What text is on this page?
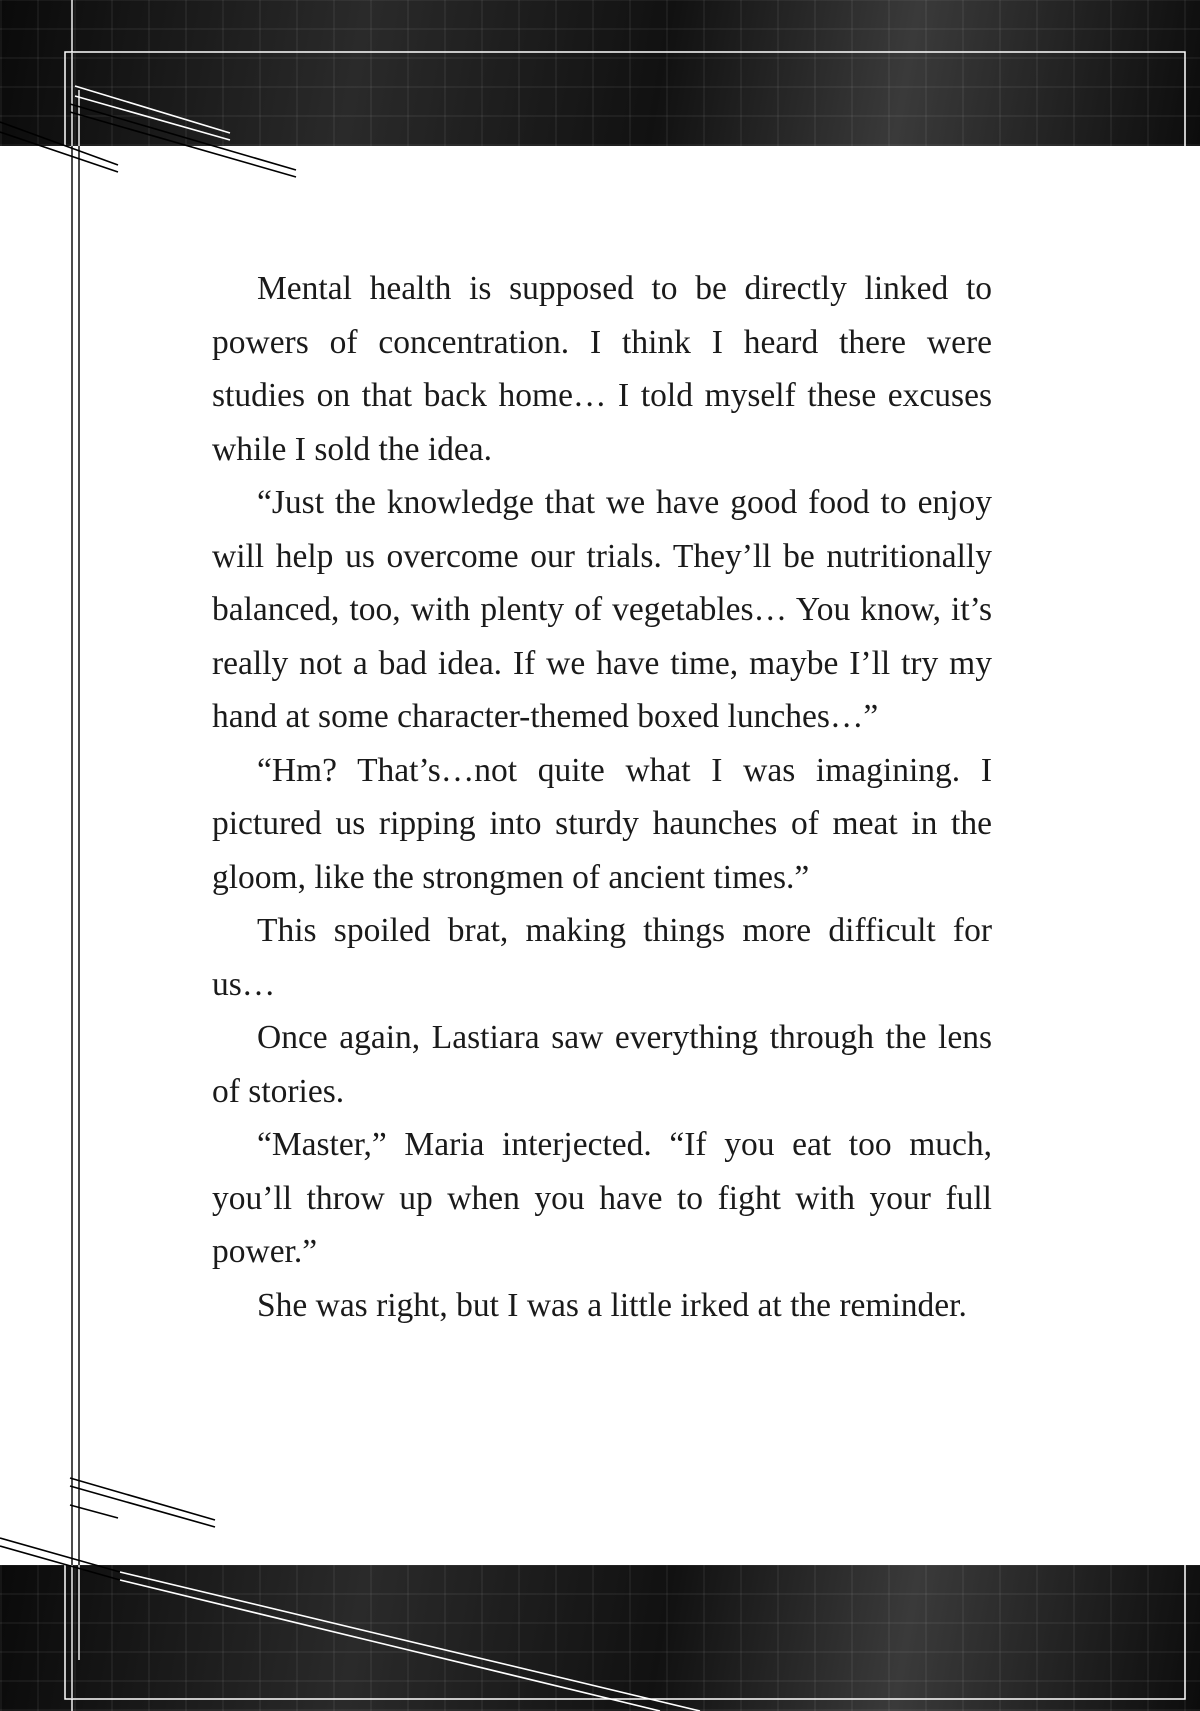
Mental health is supposed to be directly linked to powers of concentration. I think I heard there were studies on that back home… I told myself these excuses while I sold the idea.

“Just the knowledge that we have good food to enjoy will help us overcome our trials. They’ll be nutritionally balanced, too, with plenty of vegetables… You know, it’s really not a bad idea. If we have time, maybe I’ll try my hand at some character-themed boxed lunches…”

“Hm? That’s…not quite what I was imagining. I pictured us ripping into sturdy haunches of meat in the gloom, like the strongmen of ancient times.”

This spoiled brat, making things more difficult for us…

Once again, Lastiara saw everything through the lens of stories.

“Master,” Maria interjected. “If you eat too much, you’ll throw up when you have to fight with your full power.”

She was right, but I was a little irked at the reminder.
